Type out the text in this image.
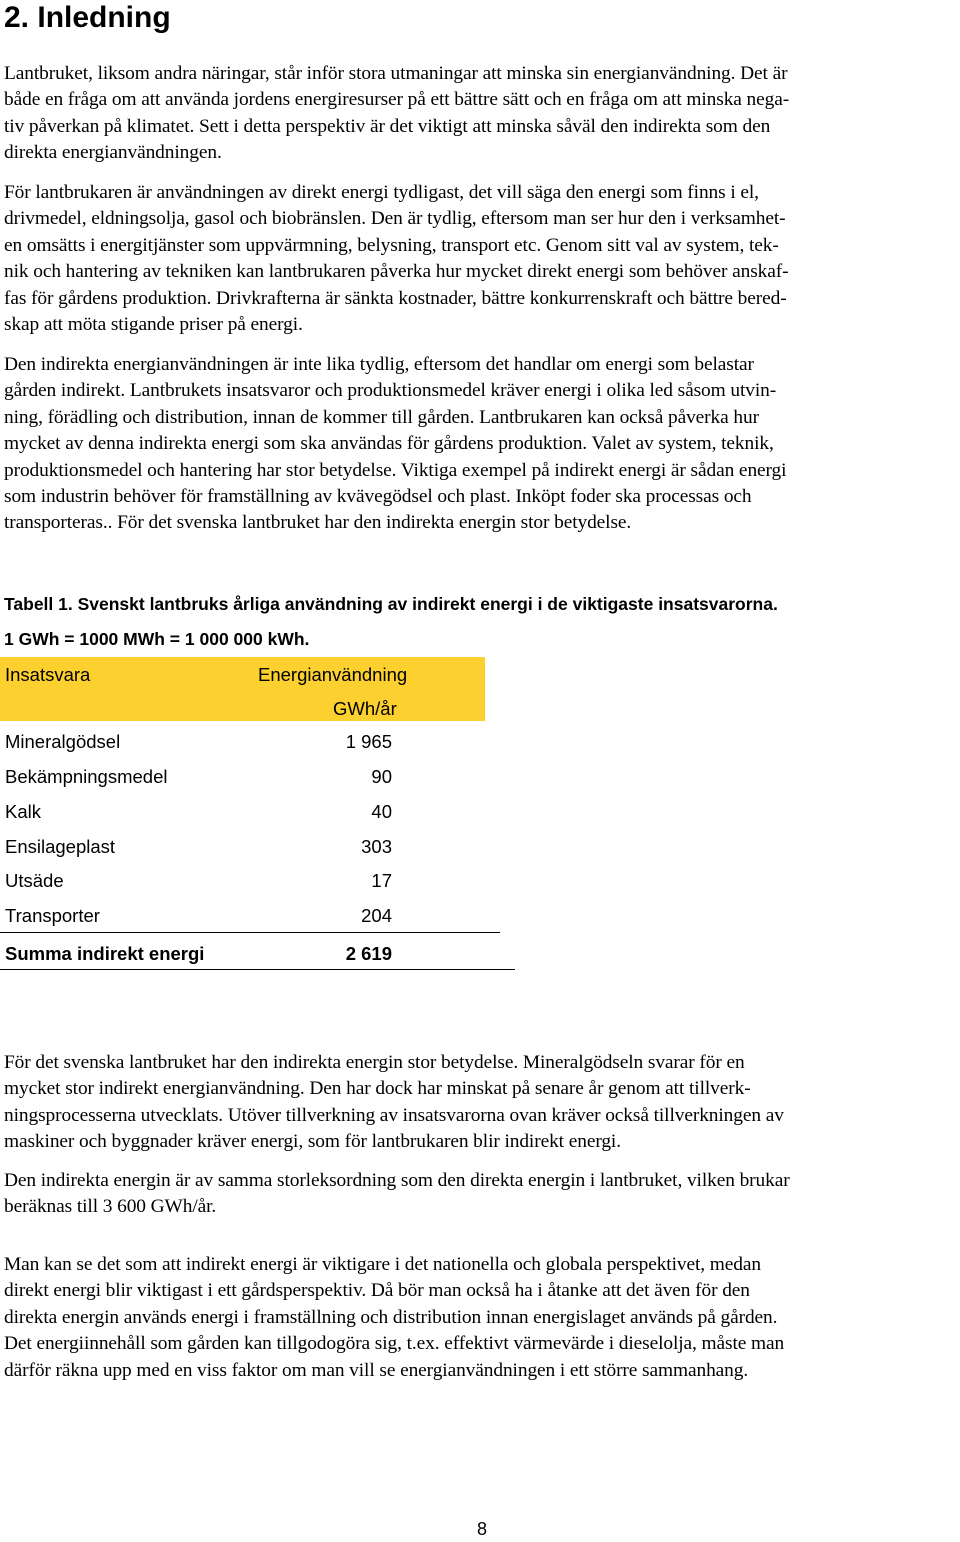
2. Inledning

Lantbruket, liksom andra näringar, står inför stora utmaningar att minska sin energianvändning. Det är
både en fråga om att använda jordens energiresurser på ett bättre sätt och en fråga om att minska nega-
tiv påverkan på klimatet. Sett i detta perspektiv är det viktigt att minska såväl den indirekta som den
direkta energianvändningen.

För lantbrukaren är användningen av direkt energi tydligast, det vill säga den energi som finns i el,
drivmedel, eldningsolja, gasol och biobränslen. Den är tydlig, eftersom man ser hur den i verksamhet-
en omsätts i energitjänster som uppvärmning, belysning, transport etc. Genom sitt val av system, tek-
nik och hantering av tekniken kan lantbrukaren påverka hur mycket direkt energi som behöver anskaf-
fas för gårdens produktion. Drivkrafterna är sänkta kostnader, bättre konkurrenskraft och bättre bered-
skap att möta stigande priser på energi.

Den indirekta energianvändningen är inte lika tydlig, eftersom det handlar om energi som belastar
gården indirekt. Lantbrukets insatsvaror och produktionsmedel kräver energi i olika led såsom utvin-
ning, förädling och distribution, innan de kommer till gården. Lantbrukaren kan också påverka hur
mycket av denna indirekta energi som ska användas för gårdens produktion. Valet av system, teknik,
produktionsmedel och hantering har stor betydelse. Viktiga exempel på indirekt energi är sådan energi
som industrin behöver för framställning av kvävegödsel och plast. Inköpt foder ska processas och
transporteras.. För det svenska lantbruket har den indirekta energin stor betydelse.

Tabell 1. Svenskt lantbruks årliga användning av indirekt energi i de viktigaste insatsvarorna.

1 GWh = 1000 MWh = 1 000 000 kWh.

Insatsvara	Energianvändning
GWh/år
Mineralgödsel	1 965
Bekämpningsmedel	90
Kalk	40
Ensilageplast	303
Utsäde	17
Transporter	204
Summa indirekt energi	2 619

För det svenska lantbruket har den indirekta energin stor betydelse. Mineralgödseln svarar för en
mycket stor indirekt energianvändning. Den har dock har minskat på senare år genom att tillverk-
ningsprocesserna utvecklats. Utöver tillverkning av insatsvarorna ovan kräver också tillverkningen av
maskiner och byggnader kräver energi, som för lantbrukaren blir indirekt energi.

Den indirekta energin är av samma storleksordning som den direkta energin i lantbruket, vilken brukar
beräknas till 3 600 GWh/år.

Man kan se det som att indirekt energi är viktigare i det nationella och globala perspektivet, medan
direkt energi blir viktigast i ett gårdsperspektiv. Då bör man också ha i åtanke att det även för den
direkta energin används energi i framställning och distribution innan energislaget används på gården.
Det energiinnehåll som gården kan tillgodogöra sig, t.ex. effektivt värmevärde i dieselolja, måste man
därför räkna upp med en viss faktor om man vill se energianvändningen i ett större sammanhang.

8
